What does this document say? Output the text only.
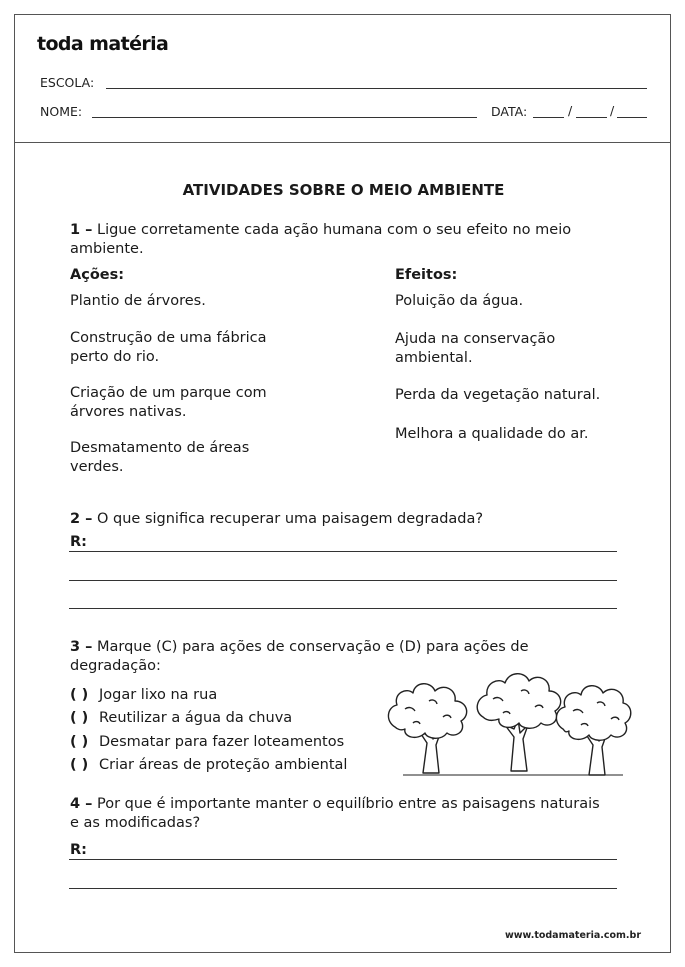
toda matéria
ESCOLA:
NOME:	DATA:	/	/
ATIVIDADES SOBRE O MEIO AMBIENTE
1 – Ligue corretamente cada ação humana com o seu efeito no meio
ambiente.
Ações:	Efeitos:
Plantio de árvores.
Construção de uma fábrica
perto do rio.
Criação de um parque com
árvores nativas.
Desmatamento de áreas
verdes.
Poluição da água.
Ajuda na conservação
ambiental.
Perda da vegetação natural.
Melhora a qualidade do ar.
2 – O que significa recuperar uma paisagem degradada?
R:
3 – Marque (C) para ações de conservação e (D) para ações de
degradação:
( ) Jogar lixo na rua
( ) Reutilizar a água da chuva
( ) Desmatar para fazer loteamentos
( ) Criar áreas de proteção ambiental
4 – Por que é importante manter o equilíbrio entre as paisagens naturais
e as modificadas?
R:
www.todamateria.com.br
